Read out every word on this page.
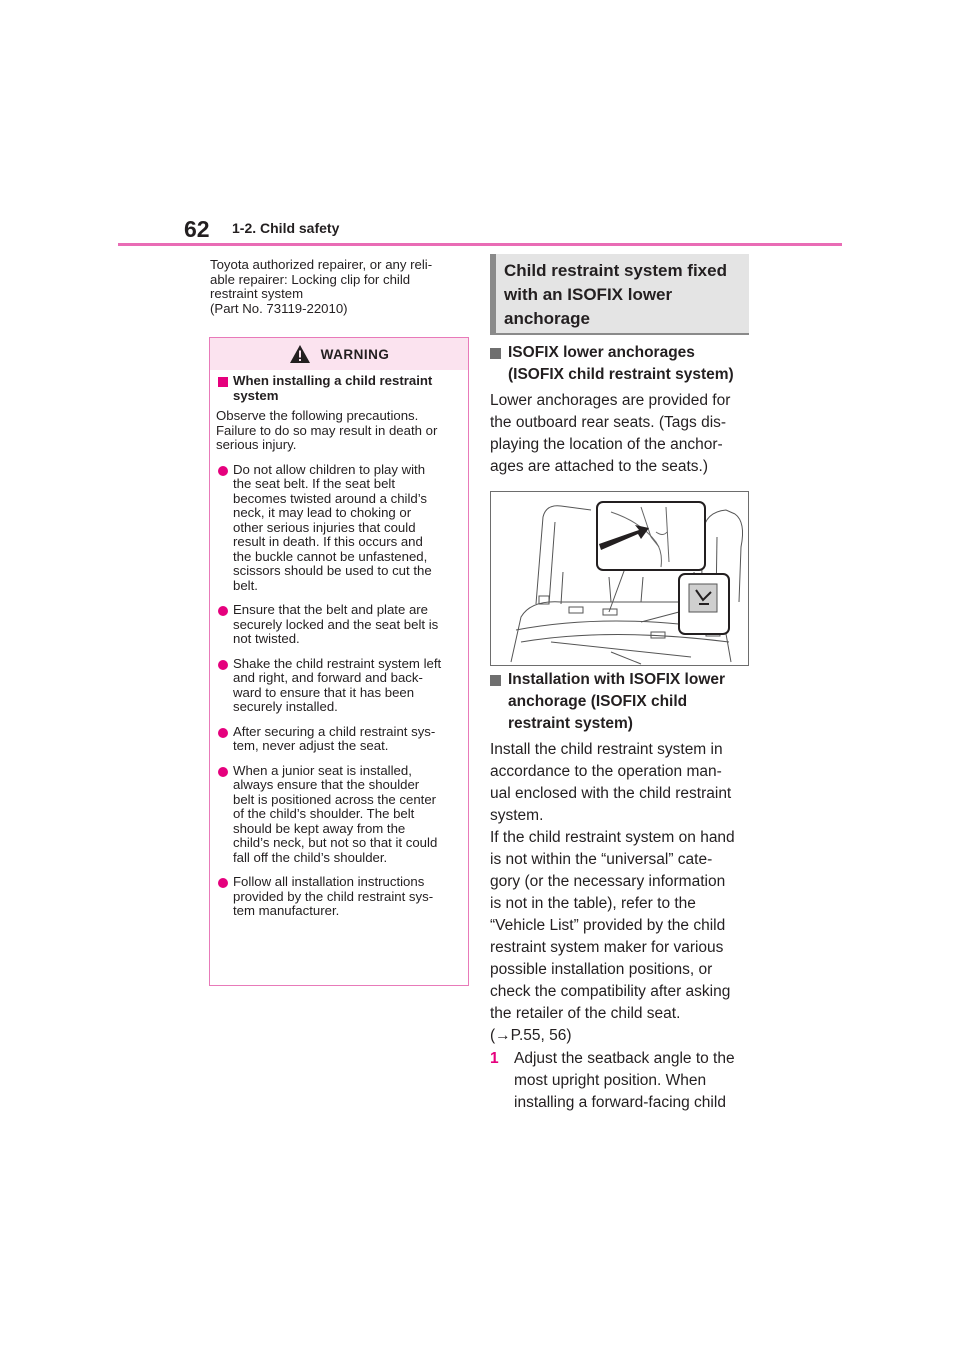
62 1-2. Child safety
Toyota authorized repairer, or any reli-
able repairer: Locking clip for child
restraint system
(Part No. 73119-22010)
WARNING
When installing a child restraint
system
Observe the following precautions.
Failure to do so may result in death or
serious injury.
Do not allow children to play with
the seat belt. If the seat belt
becomes twisted around a child’s
neck, it may lead to choking or
other serious injuries that could
result in death. If this occurs and
the buckle cannot be unfastened,
scissors should be used to cut the
belt.
Ensure that the belt and plate are
securely locked and the seat belt is
not twisted.
Shake the child restraint system left
and right, and forward and back-
ward to ensure that it has been
securely installed.
After securing a child restraint sys-
tem, never adjust the seat.
When a junior seat is installed,
always ensure that the shoulder
belt is positioned across the center
of the child’s shoulder. The belt
should be kept away from the
child’s neck, but not so that it could
fall off the child’s shoulder.
Follow all installation instructions
provided by the child restraint sys-
tem manufacturer.
Child restraint system fixed
with an ISOFIX lower
anchorage
ISOFIX lower anchorages
(ISOFIX child restraint system)
Lower anchorages are provided for
the outboard rear seats. (Tags dis-
playing the location of the anchor-
ages are attached to the seats.)
Installation with ISOFIX lower
anchorage (ISOFIX child
restraint system)
Install the child restraint system in
accordance to the operation man-
ual enclosed with the child restraint
system.
If the child restraint system on hand
is not within the “universal” cate-
gory (or the necessary information
is not in the table), refer to the
“Vehicle List” provided by the child
restraint system maker for various
possible installation positions, or
check the compatibility after asking
the retailer of the child seat.
(→P.55, 56)
1 Adjust the seatback angle to the
most upright position. When
installing a forward-facing child
